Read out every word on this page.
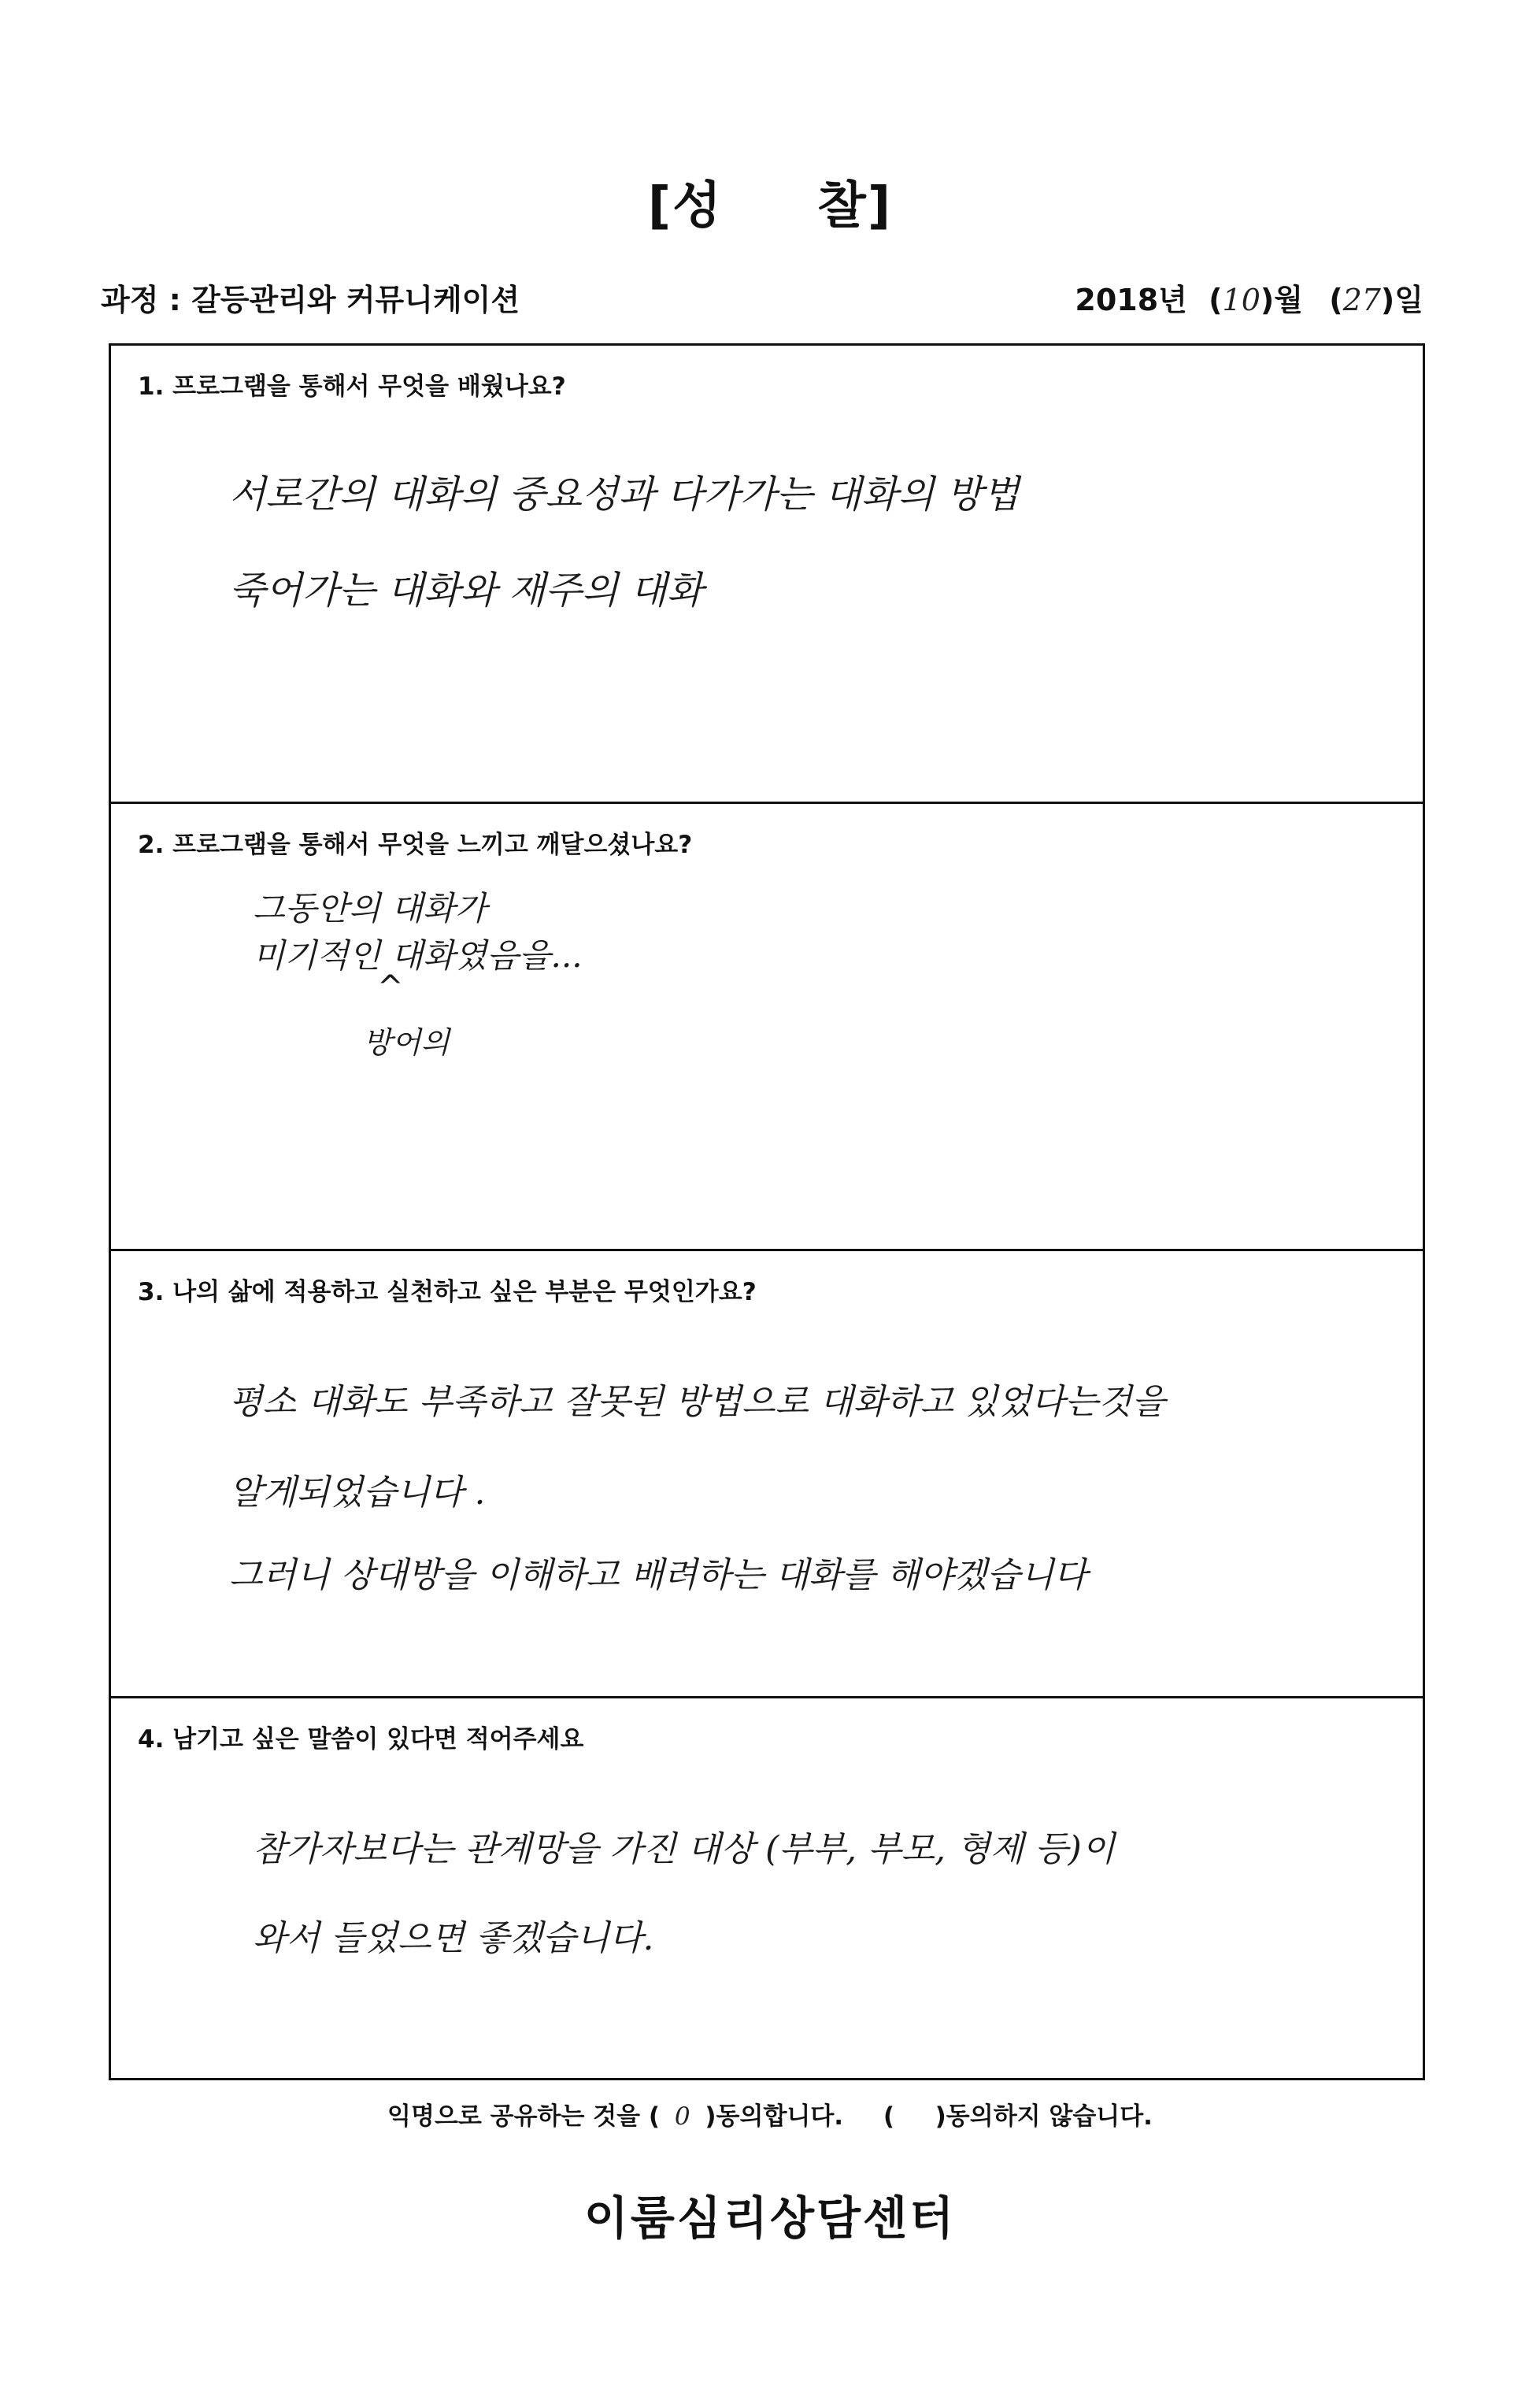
[성 찰]
과정 : 갈등관리와 커뮤니케이션	2018년 (10)월 (27)일
1. 프로그램을 통해서 무엇을 배웠나요?
서로간의 대화의 중요성과 다가가는 대화의 방법
죽어가는 대화와 재주의 대화
2. 프로그램을 통해서 무엇을 느끼고 깨달으셨나요?
그동안의 대화가
미기적인 대화였음을...
^
방어의
3. 나의 삶에 적용하고 실천하고 싶은 부분은 무엇인가요?
평소 대화도 부족하고 잘못된 방법으로 대화하고 있었다는것을
알게되었습니다 .
그러니 상대방을 이해하고 배려하는 대화를 해야겠습니다
4. 남기고 싶은 말씀이 있다면 적어주세요
참가자보다는 관계망을 가진 대상 (부부, 부모, 형제 등)이
와서 들었으면 좋겠습니다.
익명으로 공유하는 것을 ( 0 )동의합니다. ( )동의하지 않습니다.
이룸심리상담센터
